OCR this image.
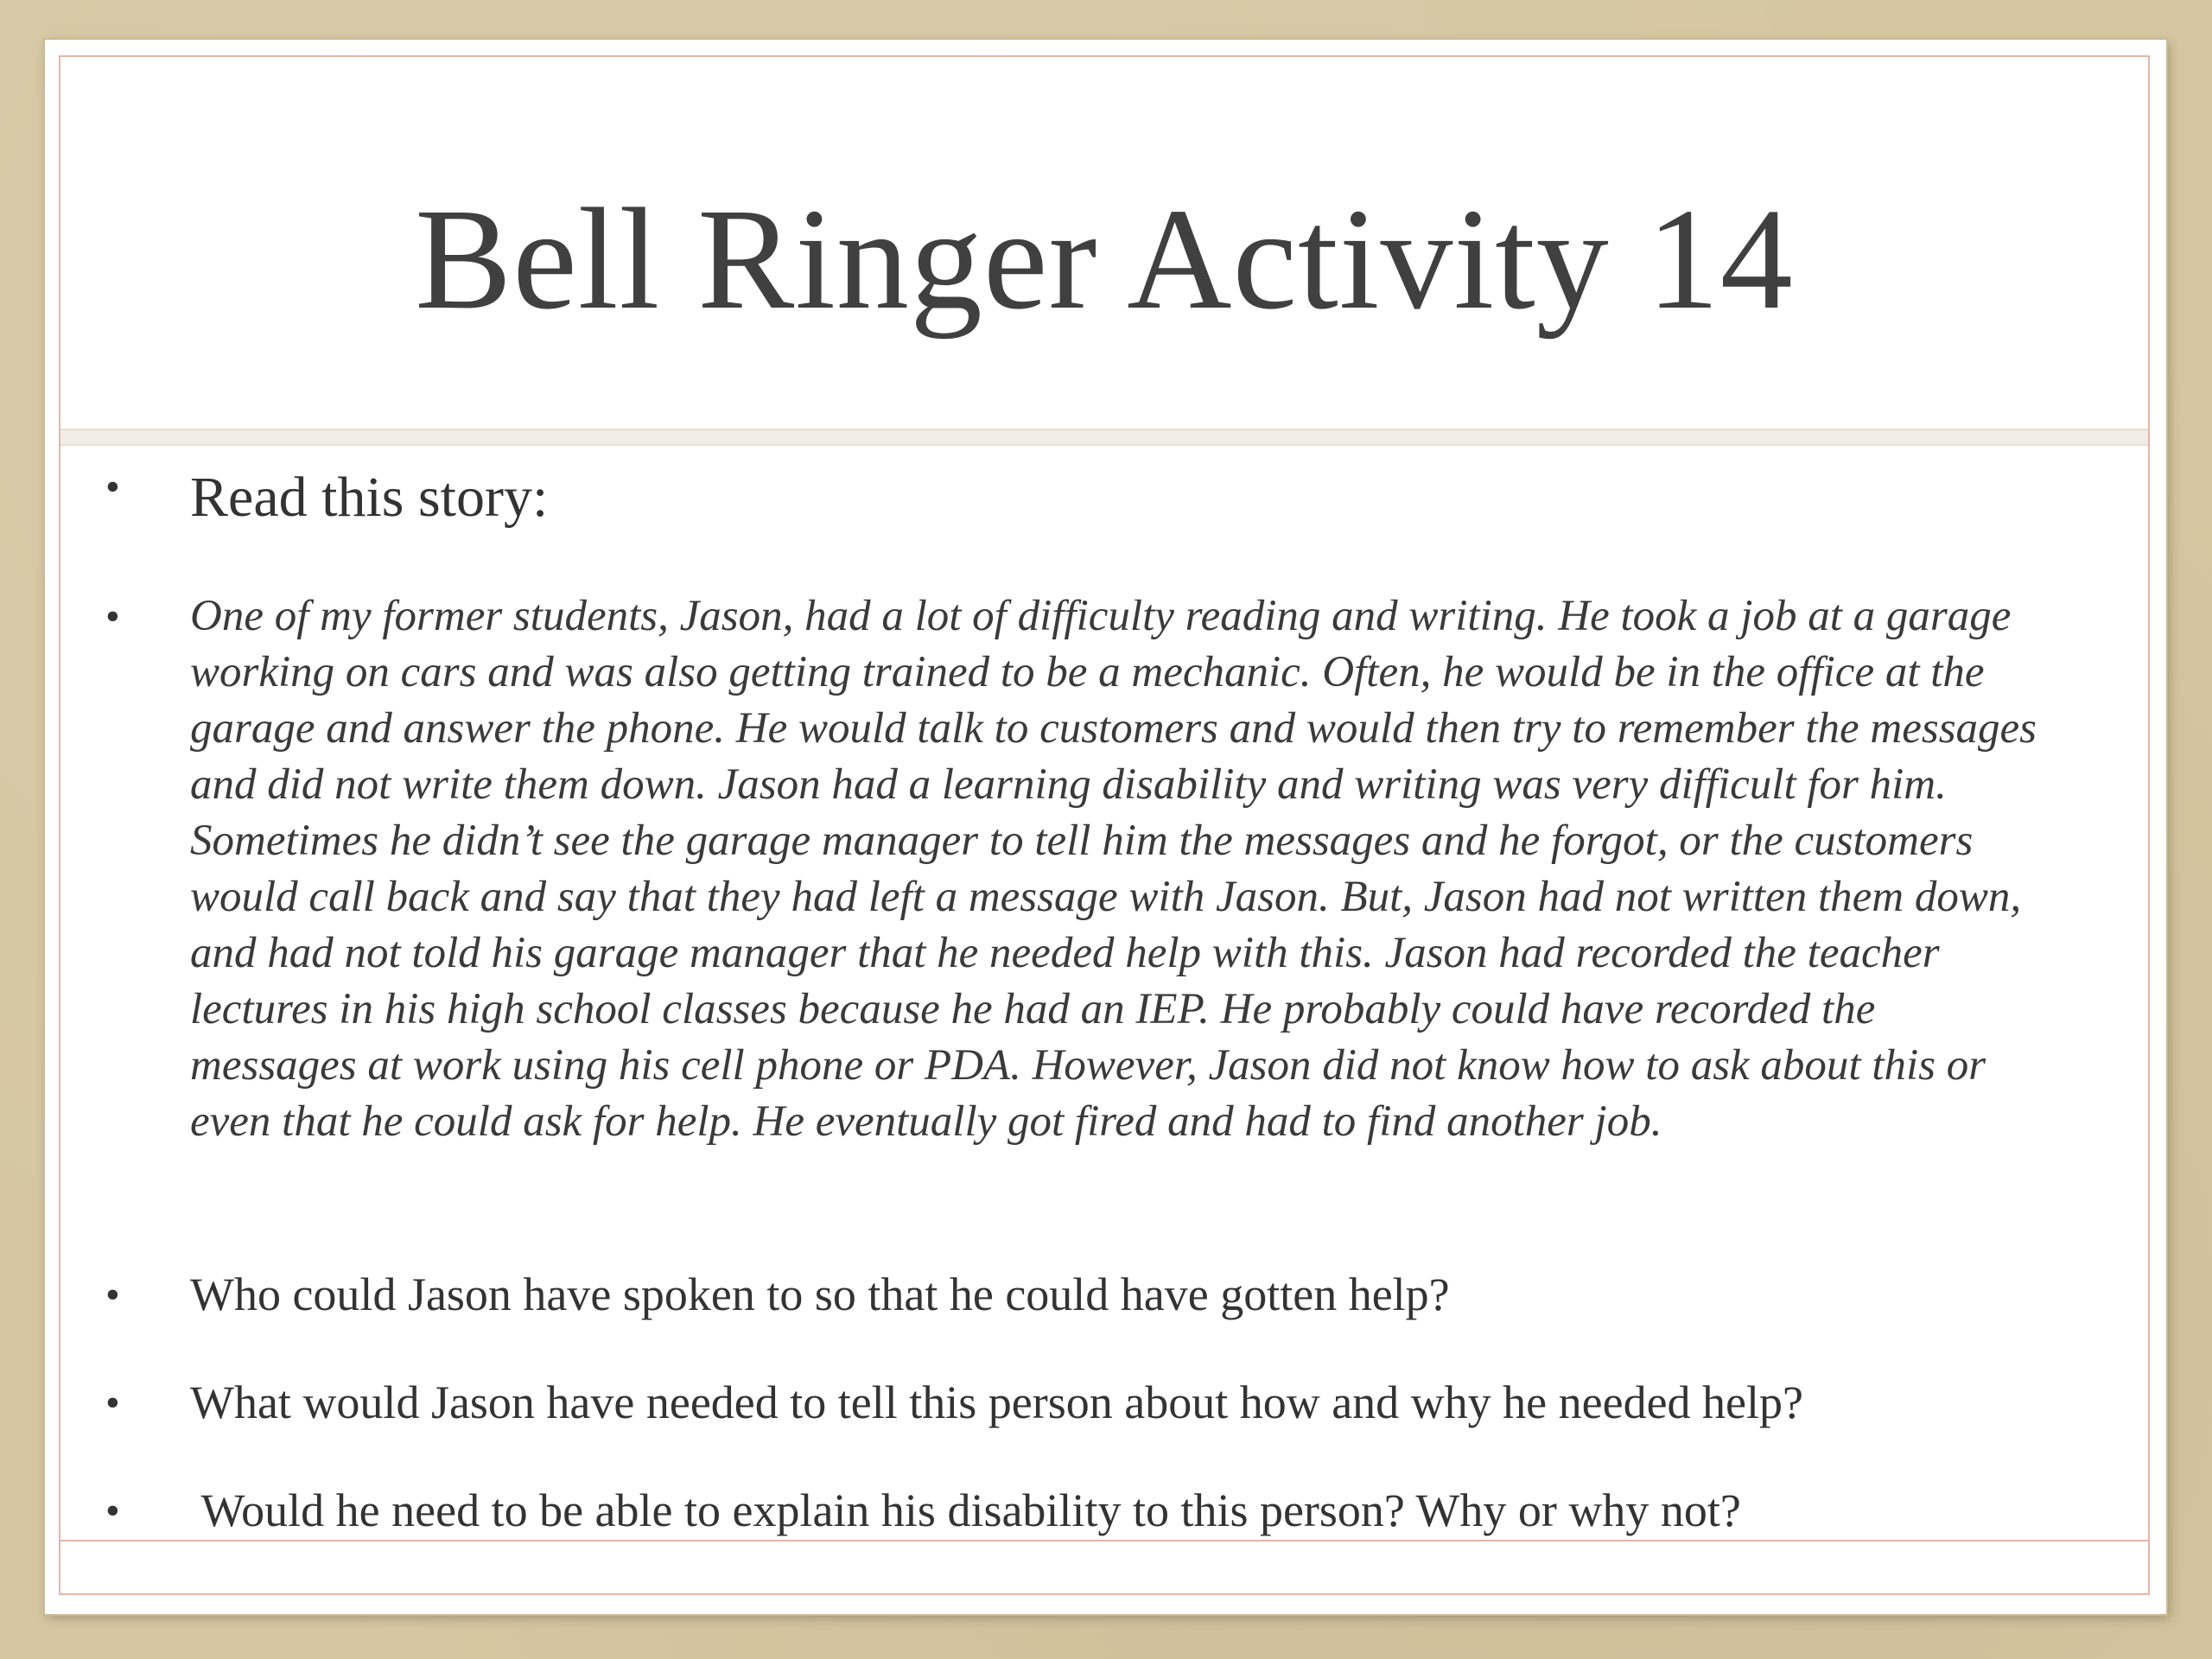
Bell Ringer Activity 14
•	Read this story:
•	One of my former students, Jason, had a lot of difficulty reading and writing. He took a job at a garage working on cars and was also getting trained to be a mechanic. Often, he would be in the office at the garage and answer the phone. He would talk to customers and would then try to remember the messages and did not write them down. Jason had a learning disability and writing was very difficult for him. Sometimes he didn’t see the garage manager to tell him the messages and he forgot, or the customers would call back and say that they had left a message with Jason. But, Jason had not written them down, and had not told his garage manager that he needed help with this. Jason had recorded the teacher lectures in his high school classes because he had an IEP. He probably could have recorded the messages at work using his cell phone or PDA. However, Jason did not know how to ask about this or even that he could ask for help. He eventually got fired and had to find another job.
•	Who could Jason have spoken to so that he could have gotten help?
•	What would Jason have needed to tell this person about how and why he needed help?
•	Would he need to be able to explain his disability to this person? Why or why not?
